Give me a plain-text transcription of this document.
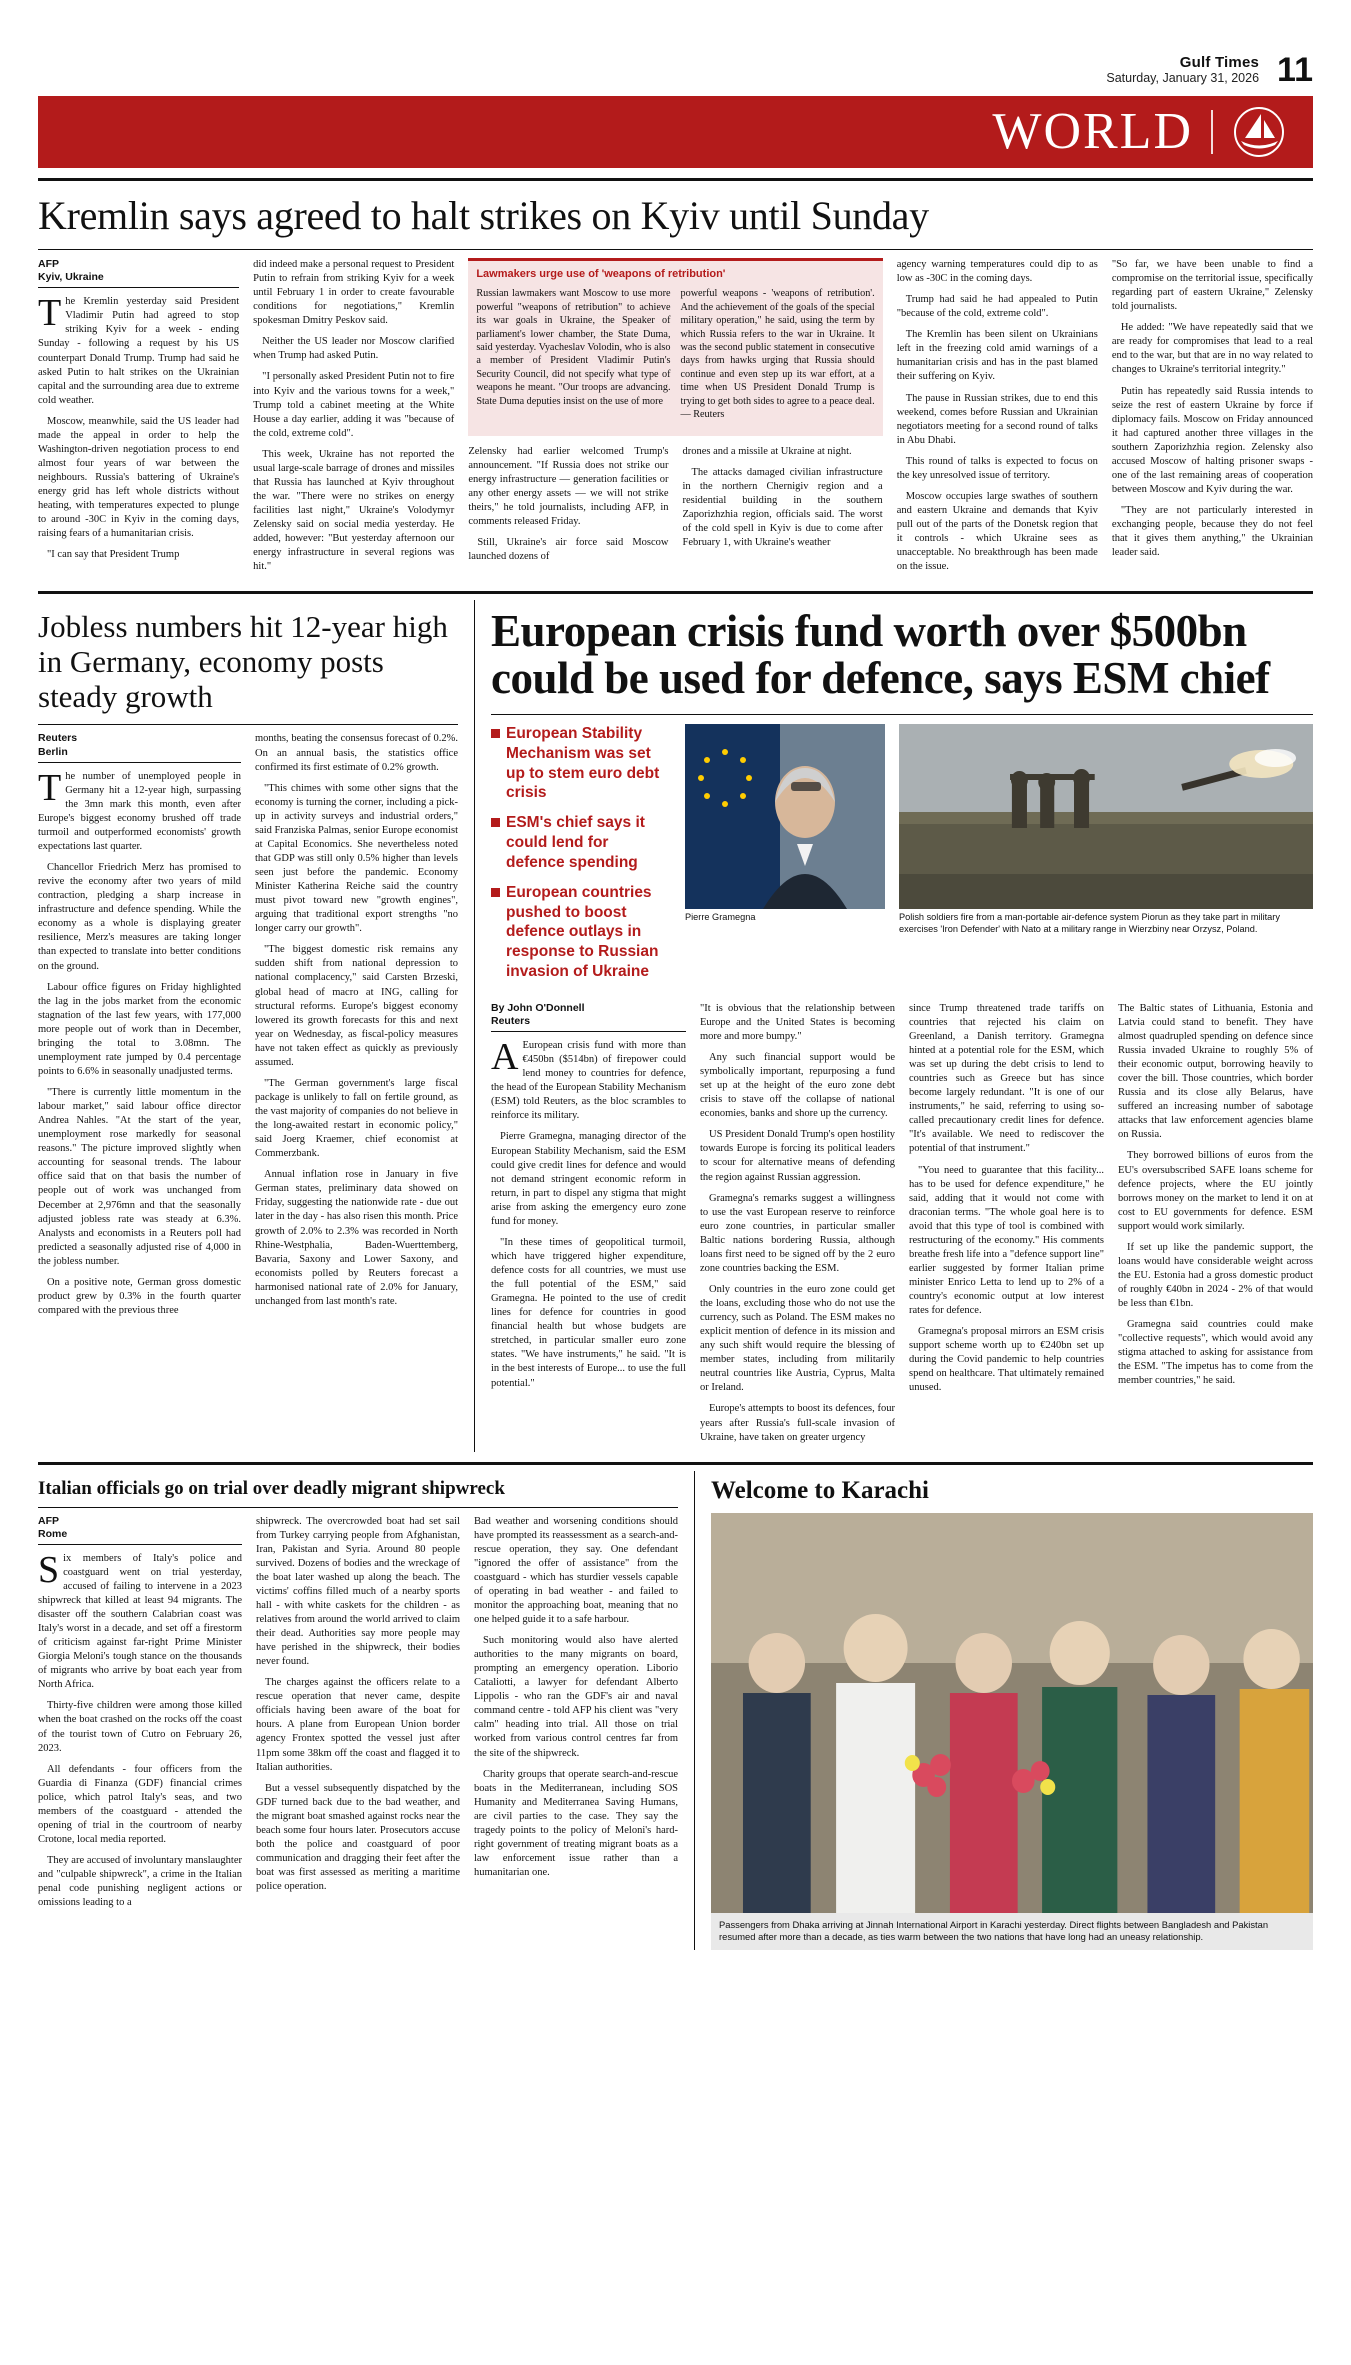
Gulf Times
Saturday, January 31, 2026 11
WORLD
Kremlin says agreed to halt strikes on Kyiv until Sunday
AFP
Kyiv, Ukraine

The Kremlin yesterday said President Vladimir Putin had agreed to stop striking Kyiv for a week - ending Sunday - following a request by his US counterpart Donald Trump. Trump had said he asked Putin to halt strikes on the Ukrainian capital and the surrounding area due to extreme cold weather.

Moscow, meanwhile, said the US leader had made the appeal in order to help the Washington-driven negotiation process to end almost four years of war between the neighbours. Russia's battering of Ukraine's energy grid has left whole districts without heating, with temperatures expected to plunge to around -30C in Kyiv in the coming days, raising fears of a humanitarian crisis.

"I can say that President Trump

did indeed make a personal request to President Putin to refrain from striking Kyiv for a week until February 1 in order to create favourable conditions for negotiations," Kremlin spokesman Dmitry Peskov said.

Neither the US leader nor Moscow clarified when Trump had asked Putin.

"I personally asked President Putin not to fire into Kyiv and the various towns for a week," Trump told a cabinet meeting at the White House a day earlier, adding it was "because of the cold, extreme cold".

This week, Ukraine has not reported the usual large-scale barrage of drones and missiles that Russia has launched at Kyiv throughout the war. "There were no strikes on energy facilities last night," Ukraine's Volodymyr Zelensky said on social media yesterday. He added, however: "But yesterday afternoon our energy infrastructure in several regions was hit."

Lawmakers urge use of 'weapons of retribution'

Russian lawmakers want Moscow to use more powerful "weapons of retribution" to achieve its war goals in Ukraine, the Speaker of parliament's lower chamber, the State Duma, said yesterday. Vyacheslav Volodin, who is also a member of President Vladimir Putin's Security Council, did not specify what type of weapons he meant. "Our troops are advancing. State Duma deputies insist on the use of more

powerful weapons - 'weapons of retribution'. And the achievement of the goals of the special military operation," he said, using the term by which Russia refers to the war in Ukraine. It was the second public statement in consecutive days from hawks urging that Russia should continue and even step up its war effort, at a time when US President Donald Trump is trying to get both sides to agree to a peace deal. — Reuters

Zelensky had earlier welcomed Trump's announcement. "If Russia does not strike our energy infrastructure — generation facilities or any other energy assets — we will not strike theirs," he told journalists, including AFP, in comments released Friday.

Still, Ukraine's air force said Moscow launched dozens of

drones and a missile at Ukraine at night.

The attacks damaged civilian infrastructure in the northern Chernigiv region and a residential building in the southern Zaporizhzhia region, officials said. The worst of the cold spell in Kyiv is due to come after February 1, with Ukraine's weather

agency warning temperatures could dip to as low as -30C in the coming days.

Trump had said he had appealed to Putin "because of the cold, extreme cold".

The Kremlin has been silent on Ukrainians left in the freezing cold amid warnings of a humanitarian crisis and has in the past blamed their suffering on Kyiv.

The pause in Russian strikes, due to end this weekend, comes before Russian and Ukrainian negotiators meeting for a second round of talks in Abu Dhabi.

This round of talks is expected to focus on the key unresolved issue of territory.

Moscow occupies large swathes of southern and eastern Ukraine and demands that Kyiv pull out of the parts of the Donetsk region that it controls - which Ukraine sees as unacceptable. No breakthrough has been made on the issue.

"So far, we have been unable to find a compromise on the territorial issue, specifically regarding part of eastern Ukraine," Zelensky told journalists.

He added: "We have repeatedly said that we are ready for compromises that lead to a real end to the war, but that are in no way related to changes to Ukraine's territorial integrity."

Putin has repeatedly said Russia intends to seize the rest of eastern Ukraine by force if diplomacy fails. Moscow on Friday announced it had captured another three villages in the southern Zaporizhzhia region. Zelensky also accused Moscow of halting prisoner swaps - one of the last remaining areas of cooperation between Moscow and Kyiv during the war.

"They are not particularly interested in exchanging people, because they do not feel that it gives them anything," the Ukrainian leader said.

Jobless numbers hit 12-year high in Germany, economy posts steady growth
Reuters
Berlin

The number of unemployed people in Germany hit a 12-year high, surpassing the 3mn mark this month, even after Europe's biggest economy brushed off trade turmoil and outperformed economists' growth expectations last quarter.

Chancellor Friedrich Merz has promised to revive the economy after two years of mild contraction, pledging a sharp increase in infrastructure and defence spending. While the economy as a whole is displaying greater resilience, Merz's measures are taking longer than expected to translate into better conditions on the ground.

Labour office figures on Friday highlighted the lag in the jobs market from the economic stagnation of the last few years, with 177,000 more people out of work than in December, bringing the total to 3.08mn. The unemployment rate jumped by 0.4 percentage points to 6.6% in seasonally unadjusted terms.

"There is currently little momentum in the labour market," said labour office director Andrea Nahles. "At the start of the year, unemployment rose markedly for seasonal reasons." The picture improved slightly when accounting for seasonal trends. The labour office said that on that basis the number of people out of work was unchanged from December at 2,976mn and that the seasonally adjusted jobless rate was steady at 6.3%. Analysts and economists in a Reuters poll had predicted a seasonally adjusted rise of 4,000 in the jobless number.

On a positive note, German gross domestic product grew by 0.3% in the fourth quarter compared with the previous three

months, beating the consensus forecast of 0.2%. On an annual basis, the statistics office confirmed its first estimate of 0.2% growth.

"This chimes with some other signs that the economy is turning the corner, including a pick-up in activity surveys and industrial orders," said Franziska Palmas, senior Europe economist at Capital Economics. She nevertheless noted that GDP was still only 0.5% higher than levels seen just before the pandemic. Economy Minister Katherina Reiche said the country must pivot toward new "growth engines", arguing that traditional export strengths "no longer carry our growth".

"The biggest domestic risk remains any sudden shift from national depression to national complacency," said Carsten Brzeski, global head of macro at ING, calling for structural reforms. Europe's biggest economy lowered its growth forecasts for this and next year on Wednesday, as fiscal-policy measures have not taken effect as quickly as previously assumed.

"The German government's large fiscal package is unlikely to fall on fertile ground, as the vast majority of companies do not believe in the long-awaited restart in economic policy," said Joerg Kraemer, chief economist at Commerzbank.

Annual inflation rose in January in five German states, preliminary data showed on Friday, suggesting the nationwide rate - due out later in the day - has also risen this month. Price growth of 2.0% to 2.3% was recorded in North Rhine-Westphalia, Baden-Wuerttemberg, Bavaria, Saxony and Lower Saxony, and economists polled by Reuters forecast a harmonised national rate of 2.0% for January, unchanged from last month's rate.

European crisis fund worth over $500bn could be used for defence, says ESM chief
European Stability Mechanism was set up to stem euro debt crisis
ESM's chief says it could lend for defence spending
European countries pushed to boost defence outlays in response to Russian invasion of Ukraine
Pierre Gramegna	Polish soldiers fire from a man-portable air-defence system Piorun as they take part in military exercises 'Iron Defender' with Nato at a military range in Wierzbiny near Orzysz, Poland.
By John O'Donnell
Reuters

AEuropean crisis fund with more than €450bn ($514bn) of firepower could lend money to countries for defence, the head of the European Stability Mechanism (ESM) told Reuters, as the bloc scrambles to reinforce its military.

Pierre Gramegna, managing director of the European Stability Mechanism, said the ESM could give credit lines for defence and would not demand stringent economic reform in return, in part to dispel any stigma that might arise from asking the emergency euro zone fund for money.

"In these times of geopolitical turmoil, which have triggered higher expenditure, defence costs for all countries, we must use the full potential of the ESM," said Gramegna. He pointed to the use of credit lines for defence for countries in good financial health but whose budgets are stretched, in particular smaller euro zone states. "We have instruments," he said. "It is in the best interests of Europe... to use the full potential."

"It is obvious that the relationship between Europe and the United States is becoming more and more bumpy."

Any such financial support would be symbolically important, repurposing a fund set up at the height of the euro zone debt crisis to stave off the collapse of national economies, banks and shore up the currency.

US President Donald Trump's open hostility towards Europe is forcing its political leaders to scour for alternative means of defending the region against Russian aggression.

Gramegna's remarks suggest a willingness to use the vast European reserve to reinforce euro zone countries, in particular smaller Baltic nations bordering Russia, although loans first need to be signed off by the 2 euro zone countries backing the ESM.

Only countries in the euro zone could get the loans, excluding those who do not use the currency, such as Poland. The ESM makes no explicit mention of defence in its mission and any such shift would require the blessing of member states, including from militarily neutral countries like Austria, Cyprus, Malta or Ireland.

Europe's attempts to boost its defences, four years after Russia's full-scale invasion of Ukraine, have taken on greater urgency

since Trump threatened trade tariffs on countries that rejected his claim on Greenland, a Danish territory. Gramegna hinted at a potential role for the ESM, which was set up during the debt crisis to lend to countries such as Greece but has since become largely redundant. "It is one of our instruments," he said, referring to using so-called precautionary credit lines for defence. "It's available. We need to rediscover the potential of that instrument."

"You need to guarantee that this facility... has to be used for defence expenditure," he said, adding that it would not come with draconian terms. "The whole goal here is to avoid that this type of tool is combined with restructuring of the economy." His comments breathe fresh life into a "defence support line" earlier suggested by former Italian prime minister Enrico Letta to lend up to 2% of a country's economic output at low interest rates for defence.

Gramegna's proposal mirrors an ESM crisis support scheme worth up to €240bn set up during the Covid pandemic to help countries spend on healthcare. That ultimately remained unused.

The Baltic states of Lithuania, Estonia and Latvia could stand to benefit. They have almost quadrupled spending on defence since Russia invaded Ukraine to roughly 5% of their economic output, borrowing heavily to cover the bill. Those countries, which border Russia and its close ally Belarus, have suffered an increasing number of sabotage attacks that law enforcement agencies blame on Russia.

They borrowed billions of euros from the EU's oversubscribed SAFE loans scheme for defence projects, where the EU jointly borrows money on the market to lend it on at cost to EU governments for defence. ESM support would work similarly.

If set up like the pandemic support, the loans would have considerable weight across the EU. Estonia had a gross domestic product of roughly €40bn in 2024 - 2% of that would be less than €1bn.

Gramegna said countries could make "collective requests", which would avoid any stigma attached to asking for assistance from the ESM. "The impetus has to come from the member countries," he said.

Italian officials go on trial over deadly migrant shipwreck
AFP
Rome

Six members of Italy's police and coastguard went on trial yesterday, accused of failing to intervene in a 2023 shipwreck that killed at least 94 migrants. The disaster off the southern Calabrian coast was Italy's worst in a decade, and set off a firestorm of criticism against far-right Prime Minister Giorgia Meloni's tough stance on the thousands of migrants who arrive by boat each year from North Africa.

Thirty-five children were among those killed when the boat crashed on the rocks off the coast of the tourist town of Cutro on February 26, 2023.

All defendants - four officers from the Guardia di Finanza (GDF) financial crimes police, which patrol Italy's seas, and two members of the coastguard - attended the opening of trial in the courtroom of nearby Crotone, local media reported.

They are accused of involuntary manslaughter and "culpable shipwreck", a crime in the Italian penal code punishing negligent actions or omissions leading to a

shipwreck. The overcrowded boat had set sail from Turkey carrying people from Afghanistan, Iran, Pakistan and Syria. Around 80 people survived. Dozens of bodies and the wreckage of the boat later washed up along the beach. The victims' coffins filled much of a nearby sports hall - with white caskets for the children - as relatives from around the world arrived to claim their dead. Authorities say more people may have perished in the shipwreck, their bodies never found.

The charges against the officers relate to a rescue operation that never came, despite officials having been aware of the boat for hours. A plane from European Union border agency Frontex spotted the vessel just after 11pm some 38km off the coast and flagged it to Italian authorities.

But a vessel subsequently dispatched by the GDF turned back due to the bad weather, and the migrant boat smashed against rocks near the beach some four hours later. Prosecutors accuse both the police and coastguard of poor communication and dragging their feet after the boat was first assessed as meriting a maritime police operation.

Bad weather and worsening conditions should have prompted its reassessment as a search-and-rescue operation, they say. One defendant "ignored the offer of assistance" from the coastguard - which has sturdier vessels capable of operating in bad weather - and failed to monitor the approaching boat, meaning that no one helped guide it to a safe harbour.

Such monitoring would also have alerted authorities to the many migrants on board, prompting an emergency operation. Liborio Cataliotti, a lawyer for defendant Alberto Lippolis - who ran the GDF's air and naval command centre - told AFP his client was "very calm" heading into trial. All those on trial worked from various control centres far from the site of the shipwreck.

Charity groups that operate search-and-rescue boats in the Mediterranean, including SOS Humanity and Mediterranea Saving Humans, are civil parties to the case. They say the tragedy points to the policy of Meloni's hard-right government of treating migrant boats as a law enforcement issue rather than a humanitarian one.

Welcome to Karachi
Passengers from Dhaka arriving at Jinnah International Airport in Karachi yesterday. Direct flights between Bangladesh and Pakistan resumed after more than a decade, as ties warm between the two nations that have long had an uneasy relationship.
